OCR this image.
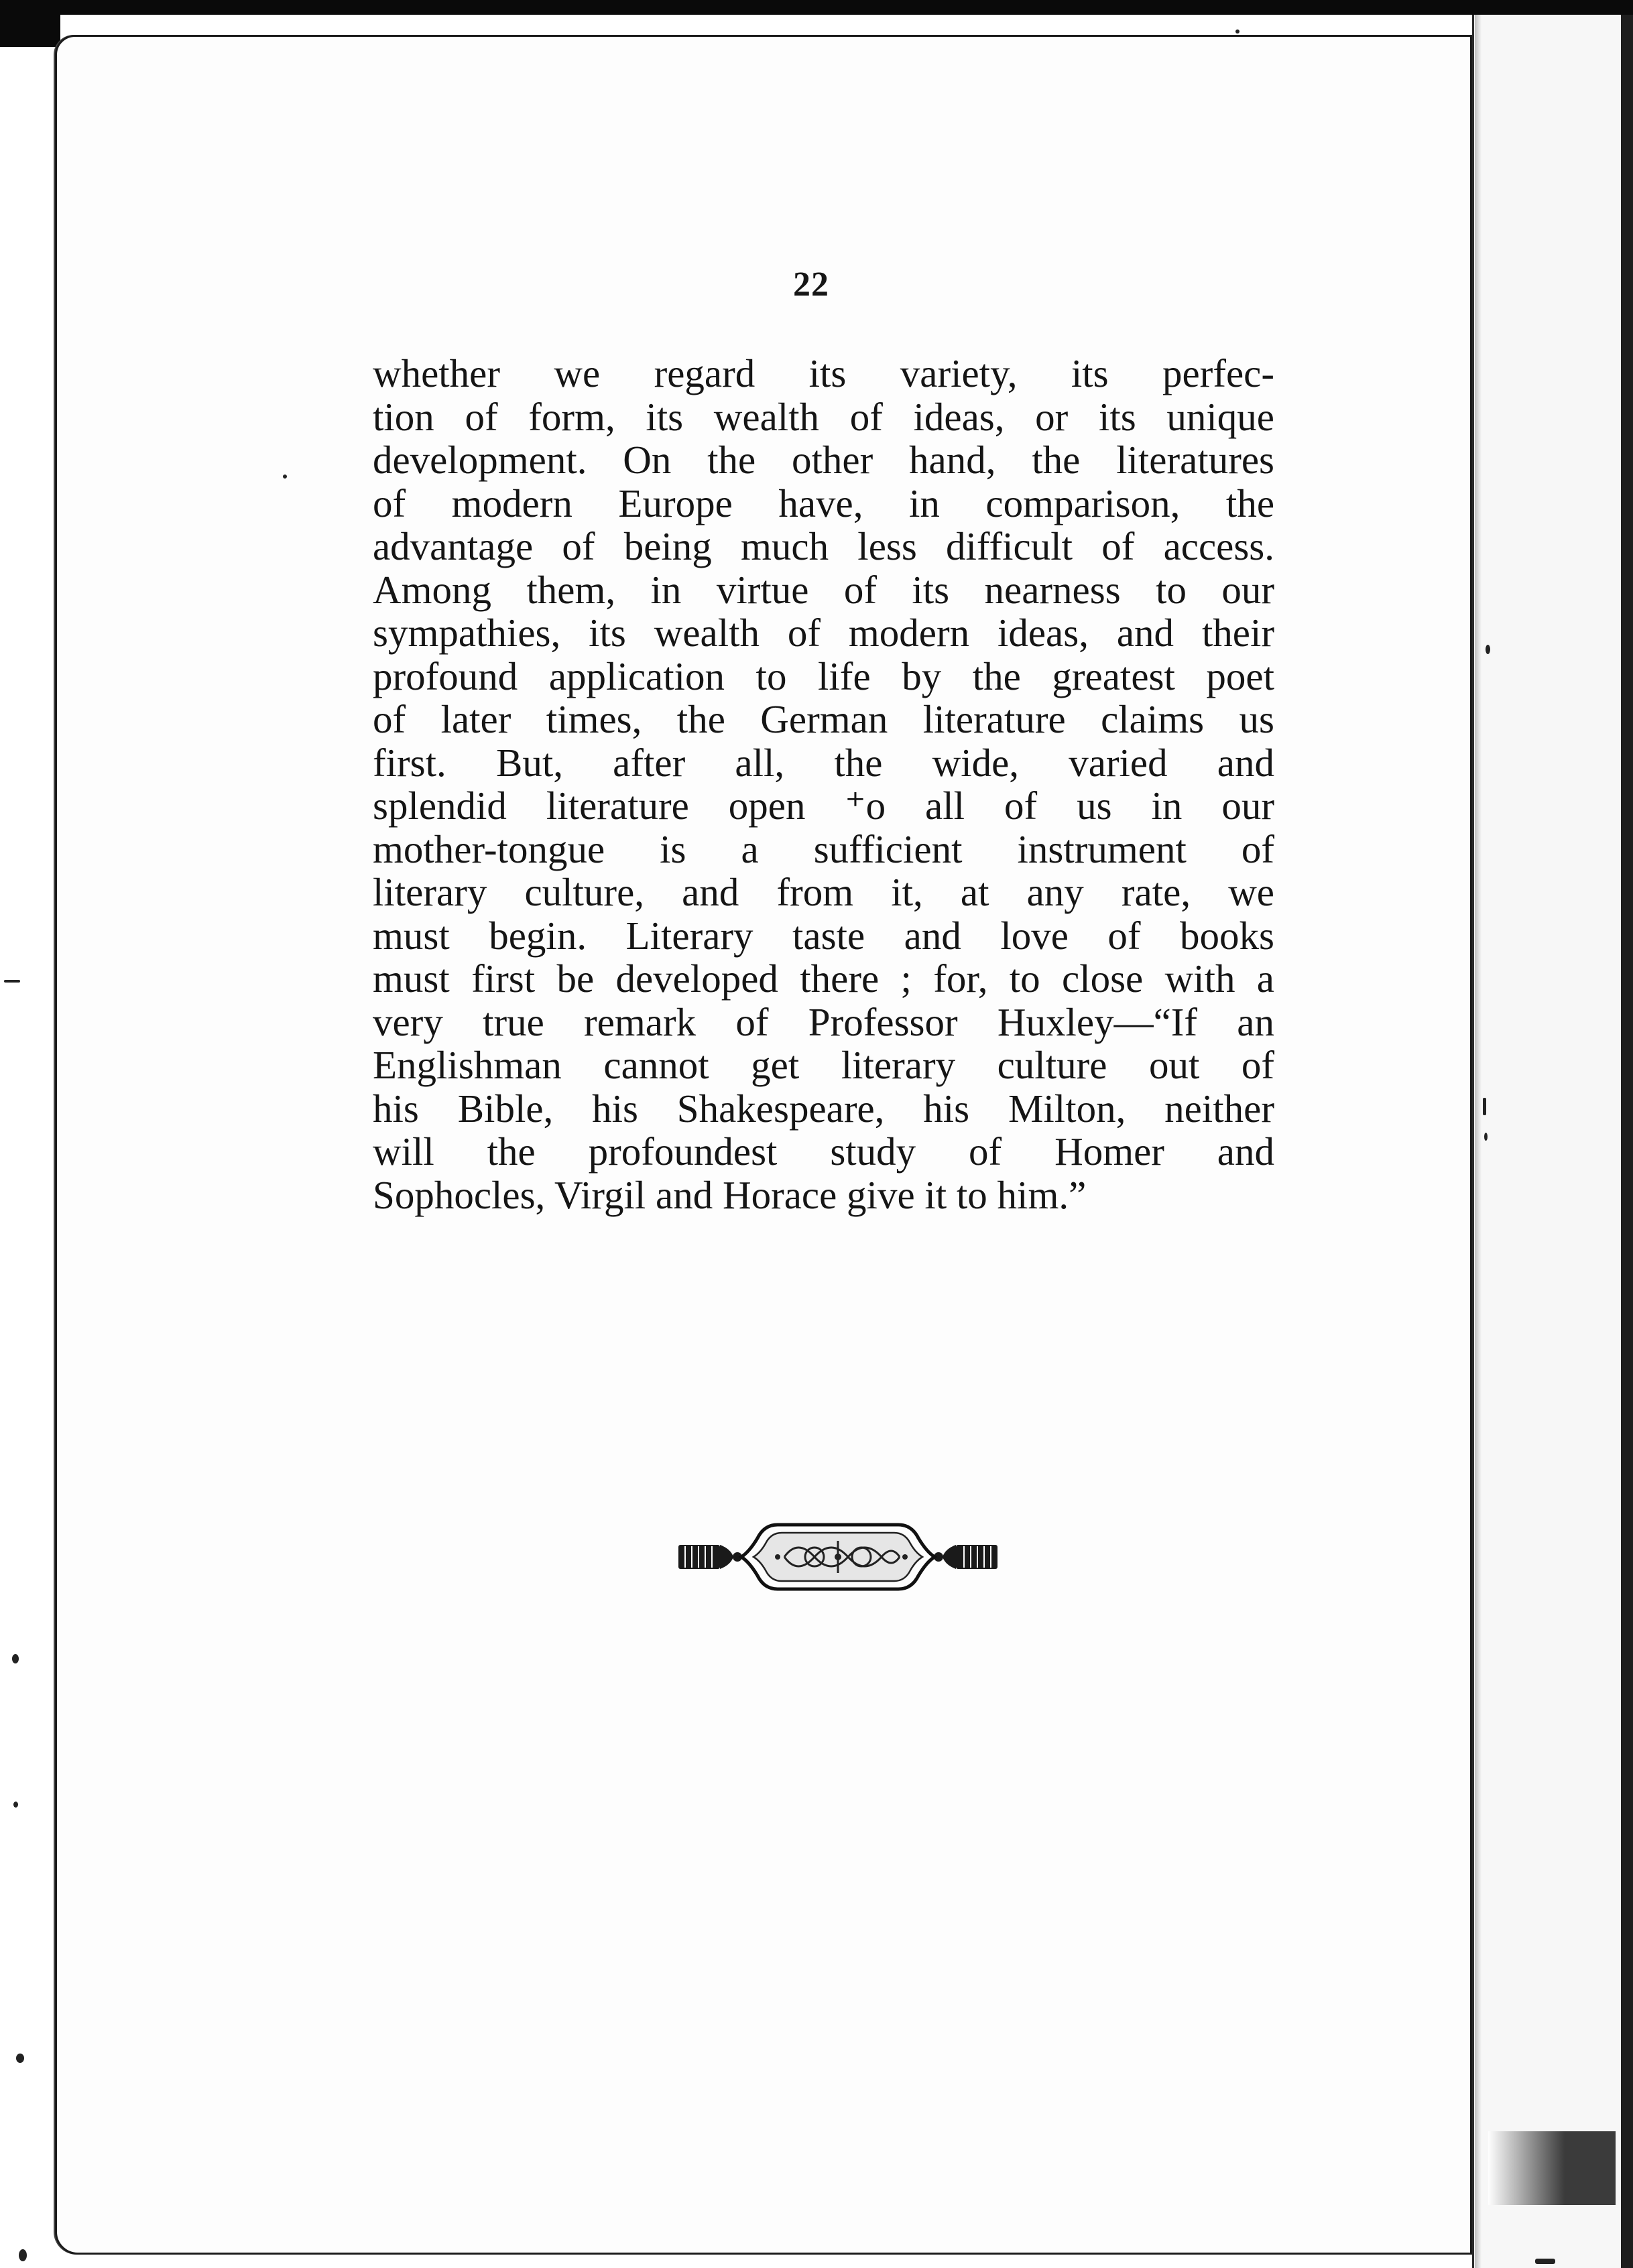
22
whether we regard its variety, its perfec-
tion of form, its wealth of ideas, or its unique
development. On the other hand, the literatures
of modern Europe have, in comparison, the
advantage of being much less difficult of access.
Among them, in virtue of its nearness to our
sympathies, its wealth of modern ideas, and their
profound application to life by the greatest poet
of later times, the German literature claims us
first. But, after all, the wide, varied and
splendid literature open ⁺o all of us in our
mother-tongue is a sufficient instrument of
literary culture, and from it, at any rate, we
must begin. Literary taste and love of books
must first be developed there ; for, to close with a
very true remark of Professor Huxley—“If an
Englishman cannot get literary culture out of
his Bible, his Shakespeare, his Milton, neither
will the profoundest study of Homer and
Sophocles, Virgil and Horace give it to him.”
